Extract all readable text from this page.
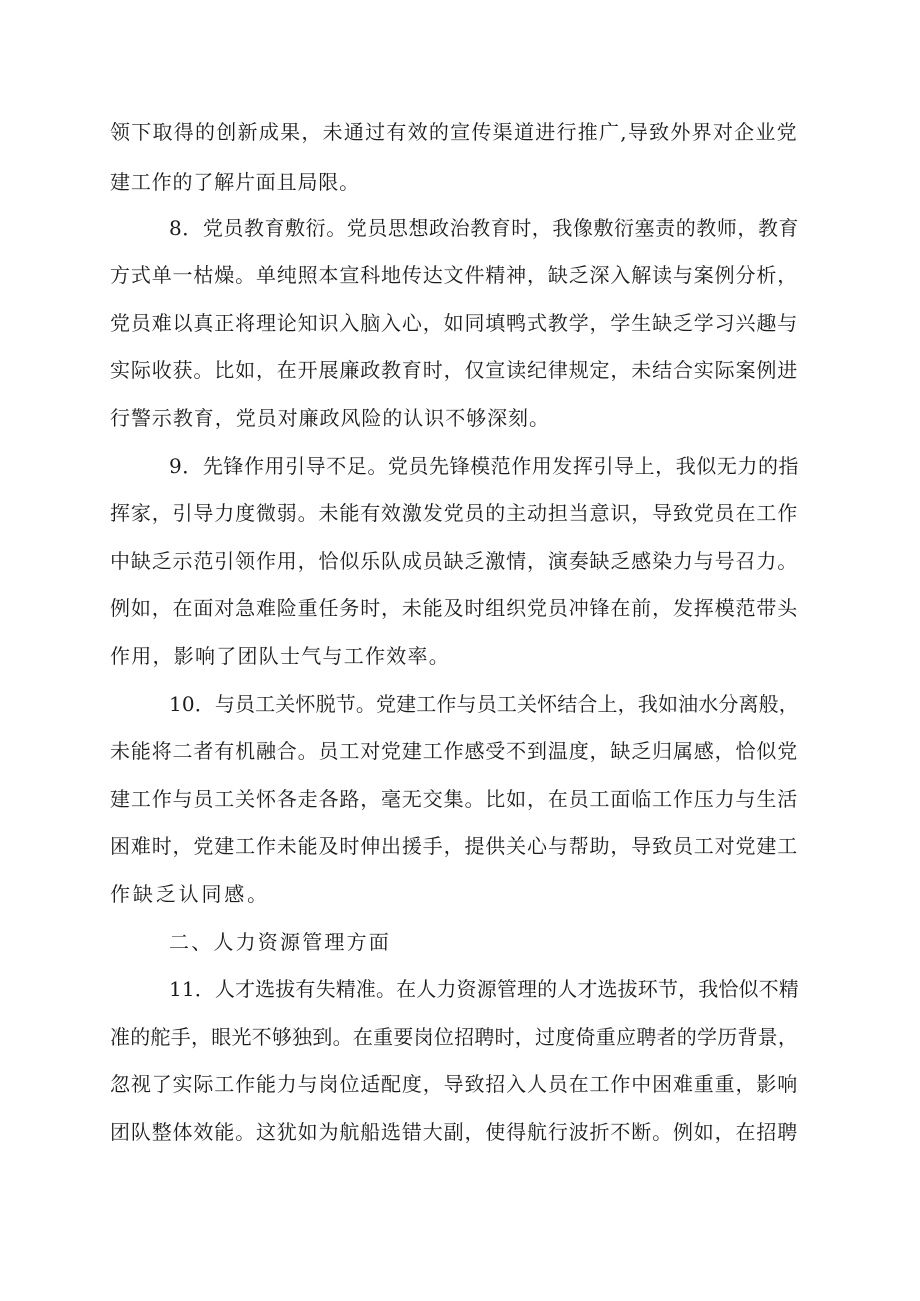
领下取得的创新成果，未通过有效的宣传渠道进行推广,导致外界对企业党
建工作的了解片面且局限。
8．党员教育敷衍。党员思想政治教育时，我像敷衍塞责的教师，教育
方式单一枯燥。单纯照本宣科地传达文件精神，缺乏深入解读与案例分析，
党员难以真正将理论知识入脑入心，如同填鸭式教学，学生缺乏学习兴趣与
实际收获。比如，在开展廉政教育时，仅宣读纪律规定，未结合实际案例进
行警示教育，党员对廉政风险的认识不够深刻。
9．先锋作用引导不足。党员先锋模范作用发挥引导上，我似无力的指
挥家，引导力度微弱。未能有效激发党员的主动担当意识，导致党员在工作
中缺乏示范引领作用，恰似乐队成员缺乏激情，演奏缺乏感染力与号召力。
例如，在面对急难险重任务时，未能及时组织党员冲锋在前，发挥模范带头
作用，影响了团队士气与工作效率。
10．与员工关怀脱节。党建工作与员工关怀结合上，我如油水分离般，
未能将二者有机融合。员工对党建工作感受不到温度，缺乏归属感，恰似党
建工作与员工关怀各走各路，毫无交集。比如，在员工面临工作压力与生活
困难时，党建工作未能及时伸出援手，提供关心与帮助，导致员工对党建工
作缺乏认同感。
二、人力资源管理方面
11．人才选拔有失精准。在人力资源管理的人才选拔环节，我恰似不精
准的舵手，眼光不够独到。在重要岗位招聘时，过度倚重应聘者的学历背景，
忽视了实际工作能力与岗位适配度，导致招入人员在工作中困难重重，影响
团队整体效能。这犹如为航船选错大副，使得航行波折不断。例如，在招聘
